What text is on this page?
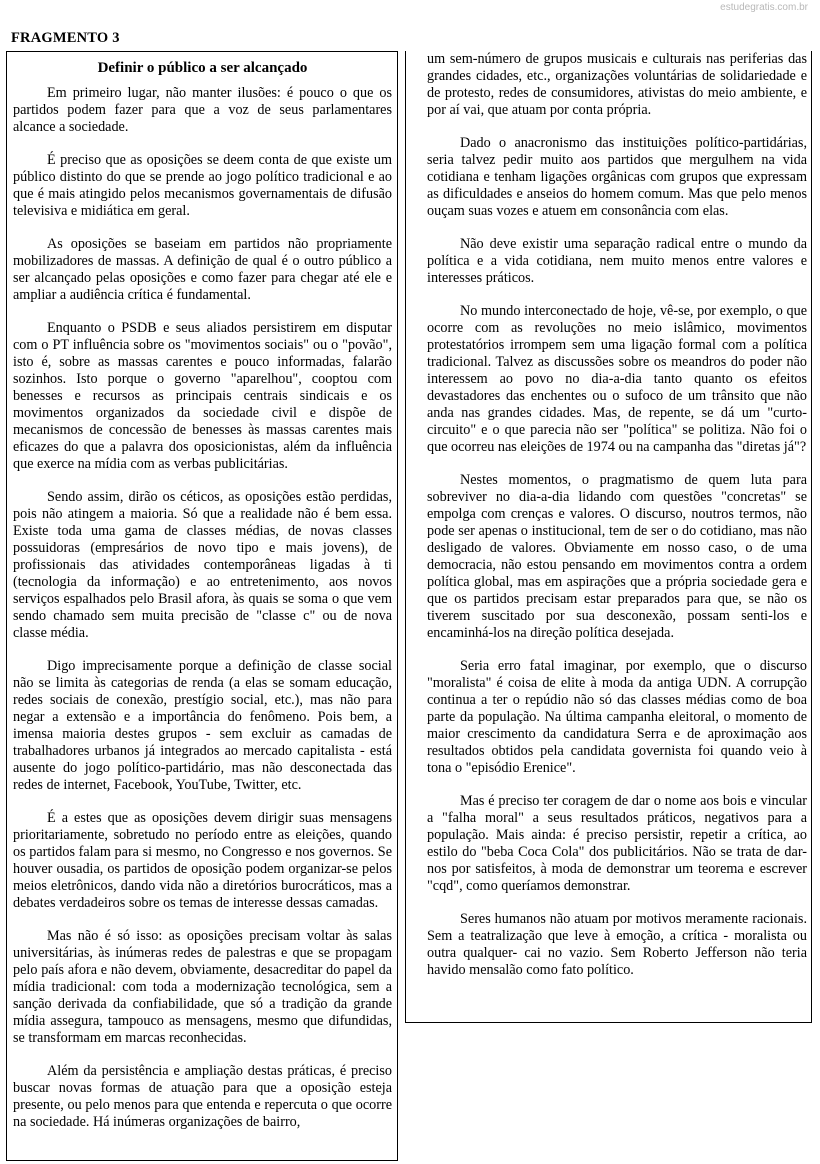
estudegratis.com.br
FRAGMENTO 3
Definir o público a ser alcançado

Em primeiro lugar, não manter ilusões: é pouco o que os partidos podem fazer para que a voz de seus parlamentares alcance a sociedade.

É preciso que as oposições se deem conta de que existe um público distinto do que se prende ao jogo político tradicional e ao que é mais atingido pelos mecanismos governamentais de difusão televisiva e midiática em geral.

As oposições se baseiam em partidos não propriamente mobilizadores de massas. A definição de qual é o outro público a ser alcançado pelas oposições e como fazer para chegar até ele e ampliar a audiência crítica é fundamental.

Enquanto o PSDB e seus aliados persistirem em disputar com o PT influência sobre os "movimentos sociais" ou o "povão", isto é, sobre as massas carentes e pouco informadas, falarão sozinhos. Isto porque o governo "aparelhou", cooptou com benesses e recursos as principais centrais sindicais e os movimentos organizados da sociedade civil e dispõe de mecanismos de concessão de benesses às massas carentes mais eficazes do que a palavra dos oposicionistas, além da influência que exerce na mídia com as verbas publicitárias.

Sendo assim, dirão os céticos, as oposições estão perdidas, pois não atingem a maioria. Só que a realidade não é bem essa. Existe toda uma gama de classes médias, de novas classes possuidoras (empresários de novo tipo e mais jovens), de profissionais das atividades contemporâneas ligadas à ti (tecnologia da informação) e ao entretenimento, aos novos serviços espalhados pelo Brasil afora, às quais se soma o que vem sendo chamado sem muita precisão de "classe c" ou de nova classe média.

Digo imprecisamente porque a definição de classe social não se limita às categorias de renda (a elas se somam educação, redes sociais de conexão, prestígio social, etc.), mas não para negar a extensão e a importância do fenômeno. Pois bem, a imensa maioria destes grupos - sem excluir as camadas de trabalhadores urbanos já integrados ao mercado capitalista - está ausente do jogo político-partidário, mas não desconectada das redes de internet, Facebook, YouTube, Twitter, etc.

É a estes que as oposições devem dirigir suas mensagens prioritariamente, sobretudo no período entre as eleições, quando os partidos falam para si mesmo, no Congresso e nos governos. Se houver ousadia, os partidos de oposição podem organizar-se pelos meios eletrônicos, dando vida não a diretórios burocráticos, mas a debates verdadeiros sobre os temas de interesse dessas camadas.

Mas não é só isso: as oposições precisam voltar às salas universitárias, às inúmeras redes de palestras e que se propagam pelo país afora e não devem, obviamente, desacreditar do papel da mídia tradicional: com toda a modernização tecnológica, sem a sanção derivada da confiabilidade, que só a tradição da grande mídia assegura, tampouco as mensagens, mesmo que difundidas, se transformam em marcas reconhecidas.

Além da persistência e ampliação destas práticas, é preciso buscar novas formas de atuação para que a oposição esteja presente, ou pelo menos para que entenda e repercuta o que ocorre na sociedade. Há inúmeras organizações de bairro,

um sem-número de grupos musicais e culturais nas periferias das grandes cidades, etc., organizações voluntárias de solidariedade e de protesto, redes de consumidores, ativistas do meio ambiente, e por aí vai, que atuam por conta própria.

Dado o anacronismo das instituições político-partidárias, seria talvez pedir muito aos partidos que mergulhem na vida cotidiana e tenham ligações orgânicas com grupos que expressam as dificuldades e anseios do homem comum. Mas que pelo menos ouçam suas vozes e atuem em consonância com elas.

Não deve existir uma separação radical entre o mundo da política e a vida cotidiana, nem muito menos entre valores e interesses práticos.

No mundo interconectado de hoje, vê-se, por exemplo, o que ocorre com as revoluções no meio islâmico, movimentos protestatórios irrompem sem uma ligação formal com a política tradicional. Talvez as discussões sobre os meandros do poder não interessem ao povo no dia-a-dia tanto quanto os efeitos devastadores das enchentes ou o sufoco de um trânsito que não anda nas grandes cidades. Mas, de repente, se dá um "curto-circuito" e o que parecia não ser "política" se politiza. Não foi o que ocorreu nas eleições de 1974 ou na campanha das "diretas já"?

Nestes momentos, o pragmatismo de quem luta para sobreviver no dia-a-dia lidando com questões "concretas" se empolga com crenças e valores. O discurso, noutros termos, não pode ser apenas o institucional, tem de ser o do cotidiano, mas não desligado de valores. Obviamente em nosso caso, o de uma democracia, não estou pensando em movimentos contra a ordem política global, mas em aspirações que a própria sociedade gera e que os partidos precisam estar preparados para que, se não os tiverem suscitado por sua desconexão, possam senti-los e encaminhá-los na direção política desejada.

Seria erro fatal imaginar, por exemplo, que o discurso "moralista" é coisa de elite à moda da antiga UDN. A corrupção continua a ter o repúdio não só das classes médias como de boa parte da população. Na última campanha eleitoral, o momento de maior crescimento da candidatura Serra e de aproximação aos resultados obtidos pela candidata governista foi quando veio à tona o "episódio Erenice".

Mas é preciso ter coragem de dar o nome aos bois e vincular a "falha moral" a seus resultados práticos, negativos para a população. Mais ainda: é preciso persistir, repetir a crítica, ao estilo do "beba Coca Cola" dos publicitários. Não se trata de dar-nos por satisfeitos, à moda de demonstrar um teorema e escrever "cqd", como queríamos demonstrar.

Seres humanos não atuam por motivos meramente racionais. Sem a teatralização que leve à emoção, a crítica - moralista ou outra qualquer- cai no vazio. Sem Roberto Jefferson não teria havido mensalão como fato político.
